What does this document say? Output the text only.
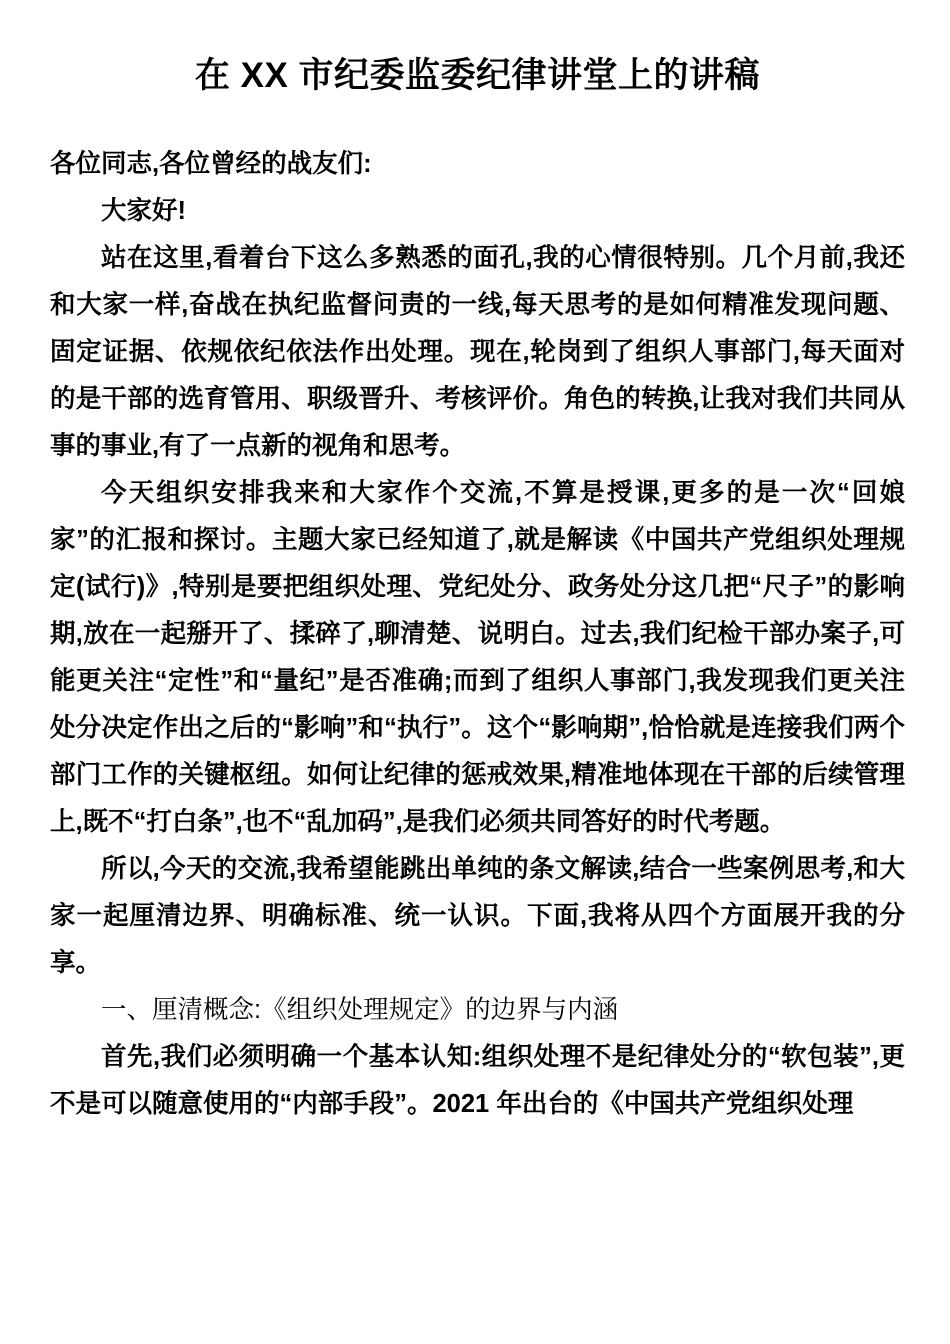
在 XX 市纪委监委纪律讲堂上的讲稿

各位同志,各位曾经的战友们:

大家好!

站在这里,看着台下这么多熟悉的面孔,我的心情很特别。几个月前,我还和大家一样,奋战在执纪监督问责的一线,每天思考的是如何精准发现问题、固定证据、依规依纪依法作出处理。现在,轮岗到了组织人事部门,每天面对的是干部的选育管用、职级晋升、考核评价。角色的转换,让我对我们共同从事的事业,有了一点新的视角和思考。

今天组织安排我来和大家作个交流,不算是授课,更多的是一次“回娘家”的汇报和探讨。主题大家已经知道了,就是解读《中国共产党组织处理规定(试行)》,特别是要把组织处理、党纪处分、政务处分这几把“尺子”的影响期,放在一起掰开了、揉碎了,聊清楚、说明白。过去,我们纪检干部办案子,可能更关注“定性”和“量纪”是否准确;而到了组织人事部门,我发现我们更关注处分决定作出之后的“影响”和“执行”。这个“影响期”,恰恰就是连接我们两个部门工作的关键枢纽。如何让纪律的惩戒效果,精准地体现在干部的后续管理上,既不“打白条”,也不“乱加码”,是我们必须共同答好的时代考题。

所以,今天的交流,我希望能跳出单纯的条文解读,结合一些案例思考,和大家一起厘清边界、明确标准、统一认识。下面,我将从四个方面展开我的分享。

一、厘清概念:《组织处理规定》的边界与内涵

首先,我们必须明确一个基本认知:组织处理不是纪律处分的“软包装”,更不是可以随意使用的“内部手段”。2021 年出台的《中国共产党组织处理
